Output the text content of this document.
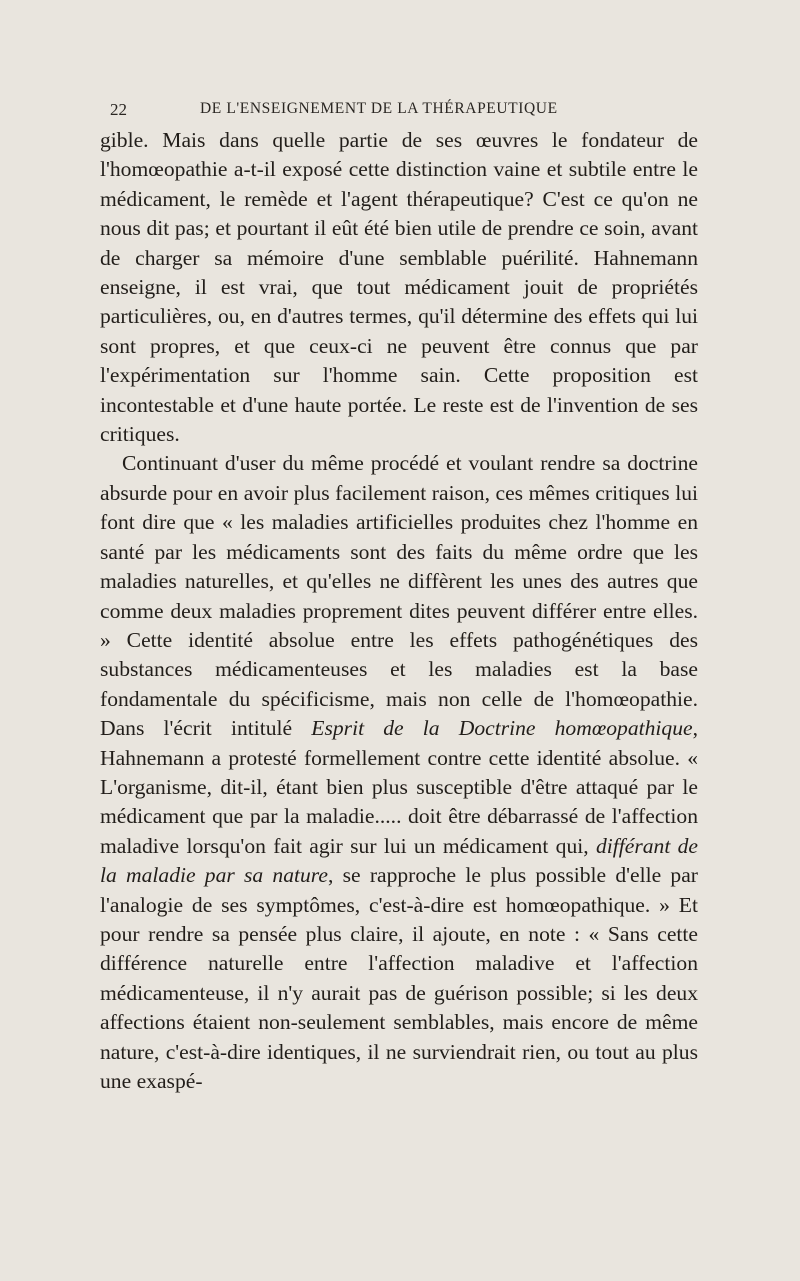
22	DE L'ENSEIGNEMENT DE LA THÉRAPEUTIQUE

gible. Mais dans quelle partie de ses œuvres le fondateur de l'homœopathie a-t-il exposé cette distinction vaine et subtile entre le médicament, le remède et l'agent thérapeutique? C'est ce qu'on ne nous dit pas; et pourtant il eût été bien utile de prendre ce soin, avant de charger sa mémoire d'une semblable puérilité. Hahnemann enseigne, il est vrai, que tout médicament jouit de propriétés particulières, ou, en d'autres termes, qu'il détermine des effets qui lui sont propres, et que ceux-ci ne peuvent être connus que par l'expérimentation sur l'homme sain. Cette proposition est incontestable et d'une haute portée. Le reste est de l'invention de ses critiques.

Continuant d'user du même procédé et voulant rendre sa doctrine absurde pour en avoir plus facilement raison, ces mêmes critiques lui font dire que « les maladies artificielles produites chez l'homme en santé par les médicaments sont des faits du même ordre que les maladies naturelles, et qu'elles ne diffèrent les unes des autres que comme deux maladies proprement dites peuvent différer entre elles. » Cette identité absolue entre les effets pathogénétiques des substances médicamenteuses et les maladies est la base fondamentale du spécificisme, mais non celle de l'homœopathie. Dans l'écrit intitulé Esprit de la Doctrine homœopathique, Hahnemann a protesté formellement contre cette identité absolue. « L'organisme, dit-il, étant bien plus susceptible d'être attaqué par le médicament que par la maladie..... doit être débarrassé de l'affection maladive lorsqu'on fait agir sur lui un médicament qui, différant de la maladie par sa nature, se rapproche le plus possible d'elle par l'analogie de ses symptômes, c'est-à-dire est homœopathique. » Et pour rendre sa pensée plus claire, il ajoute, en note : « Sans cette différence naturelle entre l'affection maladive et l'affection médicamenteuse, il n'y aurait pas de guérison possible; si les deux affections étaient non-seulement semblables, mais encore de même nature, c'est-à-dire identiques, il ne surviendrait rien, ou tout au plus une exaspé-
